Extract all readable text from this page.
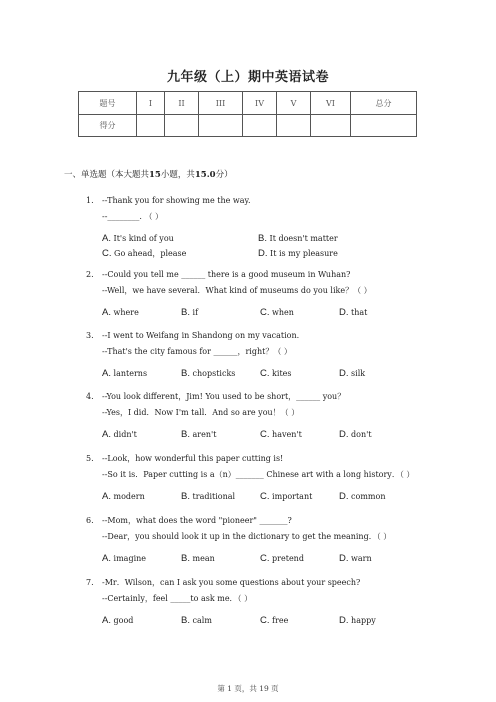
九年级（上）期中英语试卷
题号	I	II	III	IV	V	VI	总分
得分							
一、单选题（本大题共15小题，共15.0分）
1. --Thank you for showing me the way.
--________. （ ）
A. It's kind of you	B. It doesn't matter
C. Go ahead，please	D. It is my pleasure
2. --Could you tell me ______ there is a good museum in Wuhan?
--Well，we have several．What kind of museums do you like？（ ）
A. where	B. if	C. when	D. that
3. --I went to Weifang in Shandong on my vacation.
--That's the city famous for ______，right？（ ）
A. lanterns	B. chopsticks	C. kites	D. silk
4. --You look different，Jim! You used to be short，______ you？
--Yes，I did．Now I'm tall．And so are you！（ ）
A. didn't	B. aren't	C. haven't	D. don't
5. --Look，how wonderful this paper cutting is!
--So it is．Paper cutting is a（n）_______ Chinese art with a long history．（ ）
A. modern	B. traditional	C. important	D. common
6. --Mom，what does the word "pioneer" _______?
--Dear，you should look it up in the dictionary to get the meaning．（ ）
A. imagine	B. mean	C. pretend	D. warn
7. -Mr．Wilson，can I ask you some questions about your speech?
--Certainly，feel _____to ask me．（ ）
A. good	B. calm	C. free	D. happy
第 1 页，共 19 页
